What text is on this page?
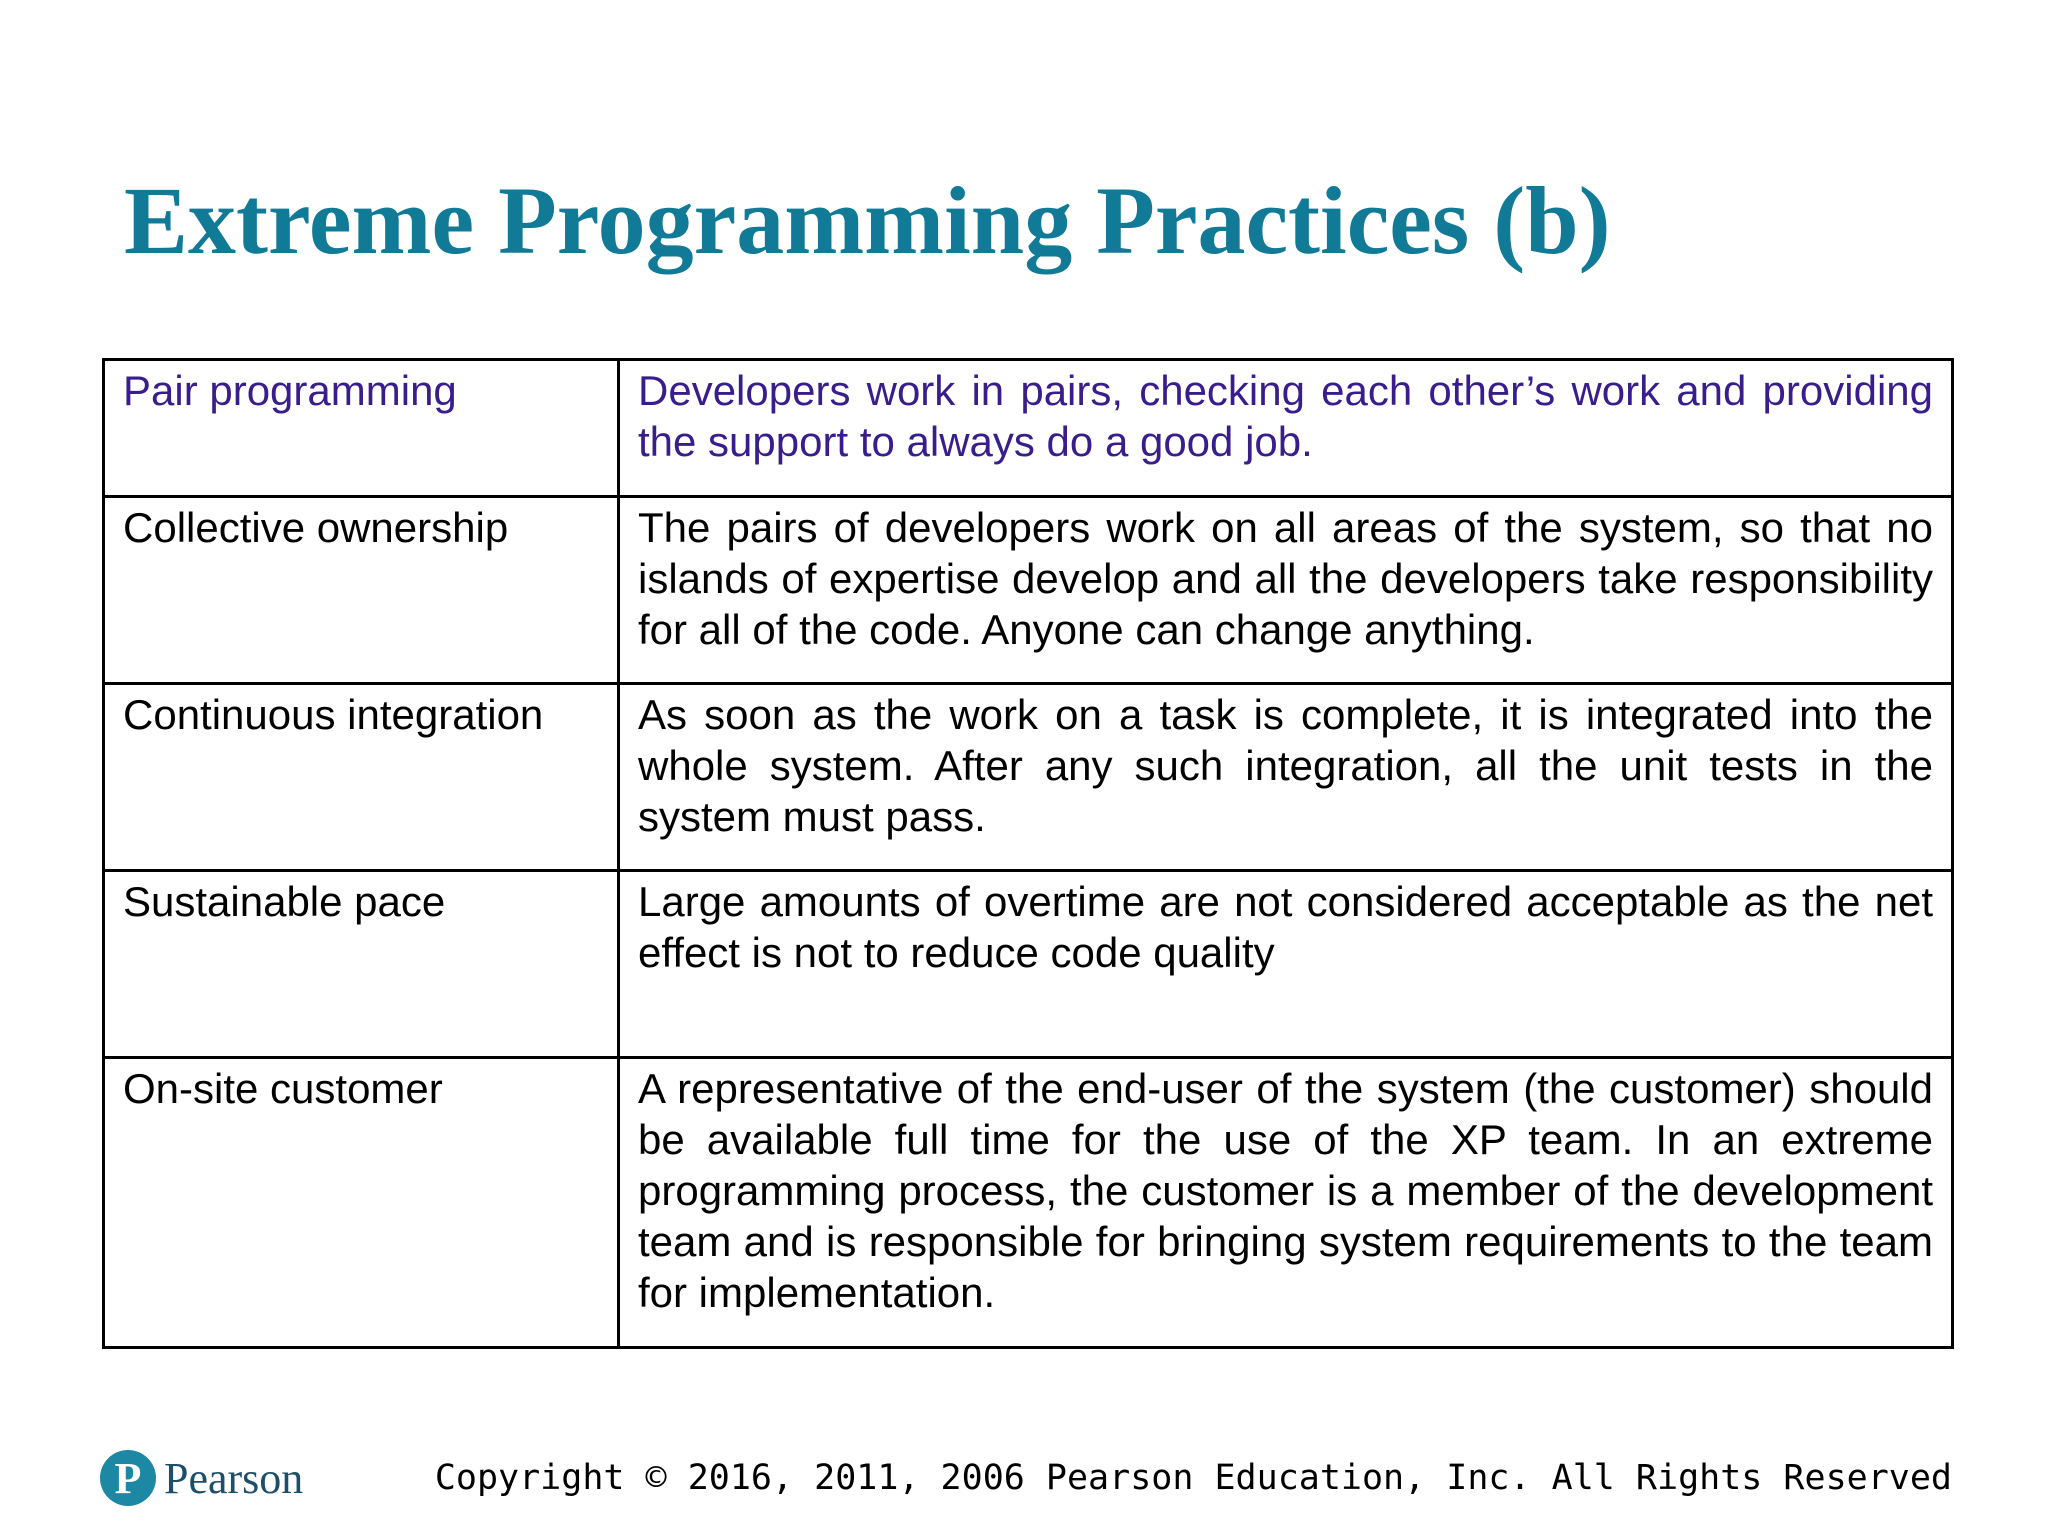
Extreme Programming Practices (b)
Pair programming	Developers work in pairs, checking each other’s work and providing the support to always do a good job.
Collective ownership	The pairs of developers work on all areas of the system, so that no islands of expertise develop and all the developers take responsibility for all of the code. Anyone can change anything.
Continuous integration	As soon as the work on a task is complete, it is integrated into the whole system. After any such integration, all the unit tests in the system must pass.
Sustainable pace	Large amounts of overtime are not considered acceptable as the net effect is not to reduce code quality
On-site customer	A representative of the end-user of the system (the customer) should be available full time for the use of the XP team. In an extreme programming process, the customer is a member of the development team and is responsible for bringing system requirements to the team for implementation.
P Pearson	Copyright © 2016, 2011, 2006 Pearson Education, Inc. All Rights Reserved
